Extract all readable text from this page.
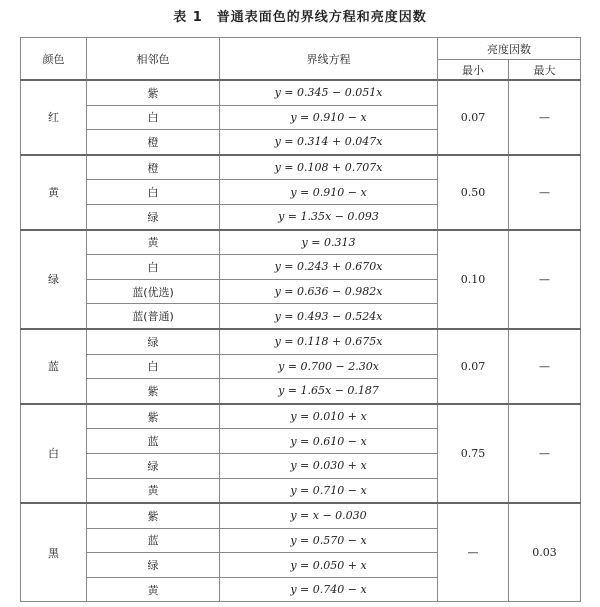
表 1　普通表面色的界线方程和亮度因数
颜色	相邻色	界线方程	亮度因数	
			最小	最大
红	紫	y = 0.345 − 0.051x	0.07	—
	白	y = 0.910 − x		
	橙	y = 0.314 + 0.047x		
黄	橙	y = 0.108 + 0.707x	0.50	—
	白	y = 0.910 − x		
	绿	y = 1.35x − 0.093		
绿	黄	y = 0.313	0.10	—
	白	y = 0.243 + 0.670x		
	蓝(优选)	y = 0.636 − 0.982x		
	蓝(普通)	y = 0.493 − 0.524x		
蓝	绿	y = 0.118 + 0.675x	0.07	—
	白	y = 0.700 − 2.30x		
	紫	y = 1.65x − 0.187		
白	紫	y = 0.010 + x	0.75	—
	蓝	y = 0.610 − x		
	绿	y = 0.030 + x		
	黄	y = 0.710 − x		
黑	紫	y = x − 0.030	—	0.03
	蓝	y = 0.570 − x		
	绿	y = 0.050 + x		
	黄	y = 0.740 − x		
